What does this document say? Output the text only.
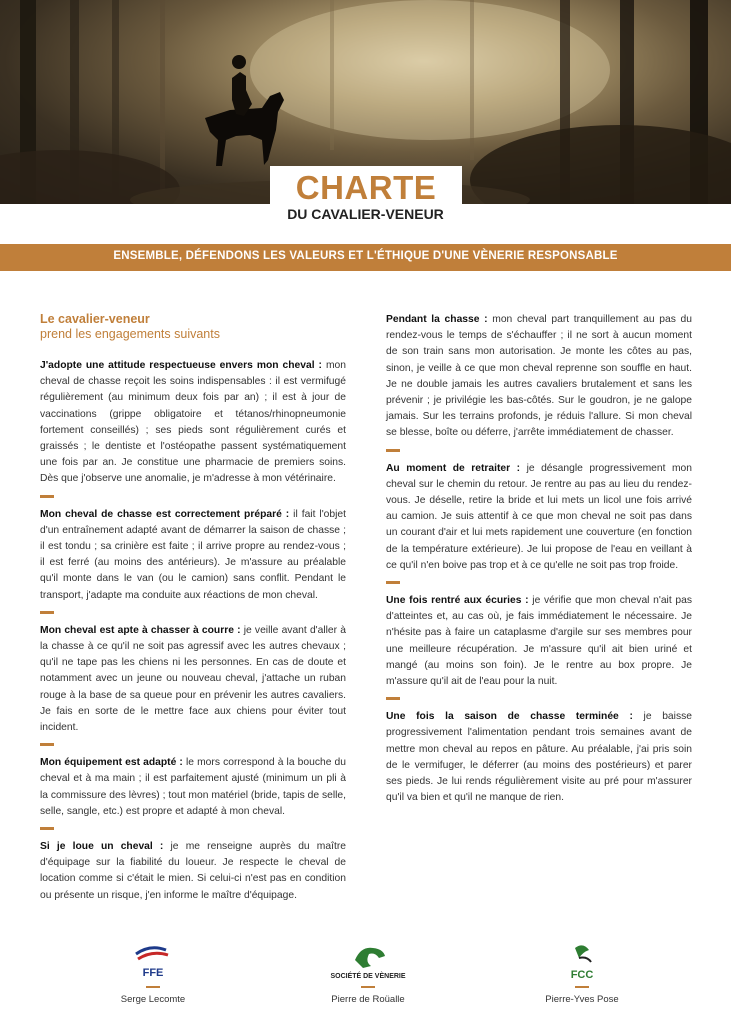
CHARTE
DU CAVALIER-VENEUR
ENSEMBLE, DÉFENDONS LES VALEURS ET L'ÉTHIQUE D'UNE VÈNERIE RESPONSABLE
Le cavalier-veneur
prend les engagements suivants

J'adopte une attitude respectueuse envers mon cheval : mon cheval de chasse reçoit les soins indispensables : il est vermifugé régulièrement (au minimum deux fois par an) ; il est à jour de vaccinations (grippe obligatoire et tétanos/rhinopneumonie fortement conseillés) ; ses pieds sont régulièrement curés et graissés ; le dentiste et l'ostéopathe passent systématiquement une fois par an. Je constitue une pharmacie de premiers soins. Dès que j'observe une anomalie, je m'adresse à mon vétérinaire.

Mon cheval de chasse est correctement préparé : il fait l'objet d'un entraînement adapté avant de démarrer la saison de chasse ; il est tondu ; sa crinière est faite ; il arrive propre au rendez-vous ; il est ferré (au moins des antérieurs). Je m'assure au préalable qu'il monte dans le van (ou le camion) sans conflit. Pendant le transport, j'adapte ma conduite aux réactions de mon cheval.

Mon cheval est apte à chasser à courre : je veille avant d'aller à la chasse à ce qu'il ne soit pas agressif avec les autres chevaux ; qu'il ne tape pas les chiens ni les personnes. En cas de doute et notamment avec un jeune ou nouveau cheval, j'attache un ruban rouge à la base de sa queue pour en prévenir les autres cavaliers. Je fais en sorte de le mettre face aux chiens pour éviter tout incident.

Mon équipement est adapté : le mors correspond à la bouche du cheval et à ma main ; il est parfaitement ajusté (minimum un pli à la commissure des lèvres) ; tout mon matériel (bride, tapis de selle, selle, sangle, etc.) est propre et adapté à mon cheval.

Si je loue un cheval : je me renseigne auprès du maître d'équipage sur la fiabilité du loueur. Je respecte le cheval de location comme si c'était le mien. Si celui-ci n'est pas en condition ou présente un risque, j'en informe le maître d'équipage.

Pendant la chasse : mon cheval part tranquillement au pas du rendez-vous le temps de s'échauffer ; il ne sort à aucun moment de son train sans mon autorisation. Je monte les côtes au pas, sinon, je veille à ce que mon cheval reprenne son souffle en haut. Je ne double jamais les autres cavaliers brutalement et sans les prévenir ; je privilégie les bas-côtés. Sur le goudron, je ne galope jamais. Sur les terrains profonds, je réduis l'allure. Si mon cheval se blesse, boîte ou déferre, j'arrête immédiatement de chasser.

Au moment de retraiter : je désangle progressivement mon cheval sur le chemin du retour. Je rentre au pas au lieu du rendez-vous. Je déselle, retire la bride et lui mets un licol une fois arrivé au camion. Je suis attentif à ce que mon cheval ne soit pas dans un courant d'air et lui mets rapidement une couverture (en fonction de la température extérieure). Je lui propose de l'eau en veillant à ce qu'il n'en boive pas trop et à ce qu'elle ne soit pas trop froide.

Une fois rentré aux écuries : je vérifie que mon cheval n'ait pas d'atteintes et, au cas où, je fais immédiatement le nécessaire. Je n'hésite pas à faire un cataplasme d'argile sur ses membres pour une meilleure récupération. Je m'assure qu'il ait bien uriné et mangé (au moins son foin). Je le rentre au box propre. Je m'assure qu'il ait de l'eau pour la nuit.

Une fois la saison de chasse terminée : je baisse progressivement l'alimentation pendant trois semaines avant de mettre mon cheval au repos en pâture. Au préalable, j'ai pris soin de le vermifuger, le déferrer (au moins des postérieurs) et parer ses pieds. Je lui rends régulièrement visite au pré pour m'assurer qu'il va bien et qu'il ne manque de rien.

FFE
Serge Lecomte
SOCIÉTÉ DE VÈNERIE
Pierre de Roüalle
FCC
Pierre-Yves Pose
